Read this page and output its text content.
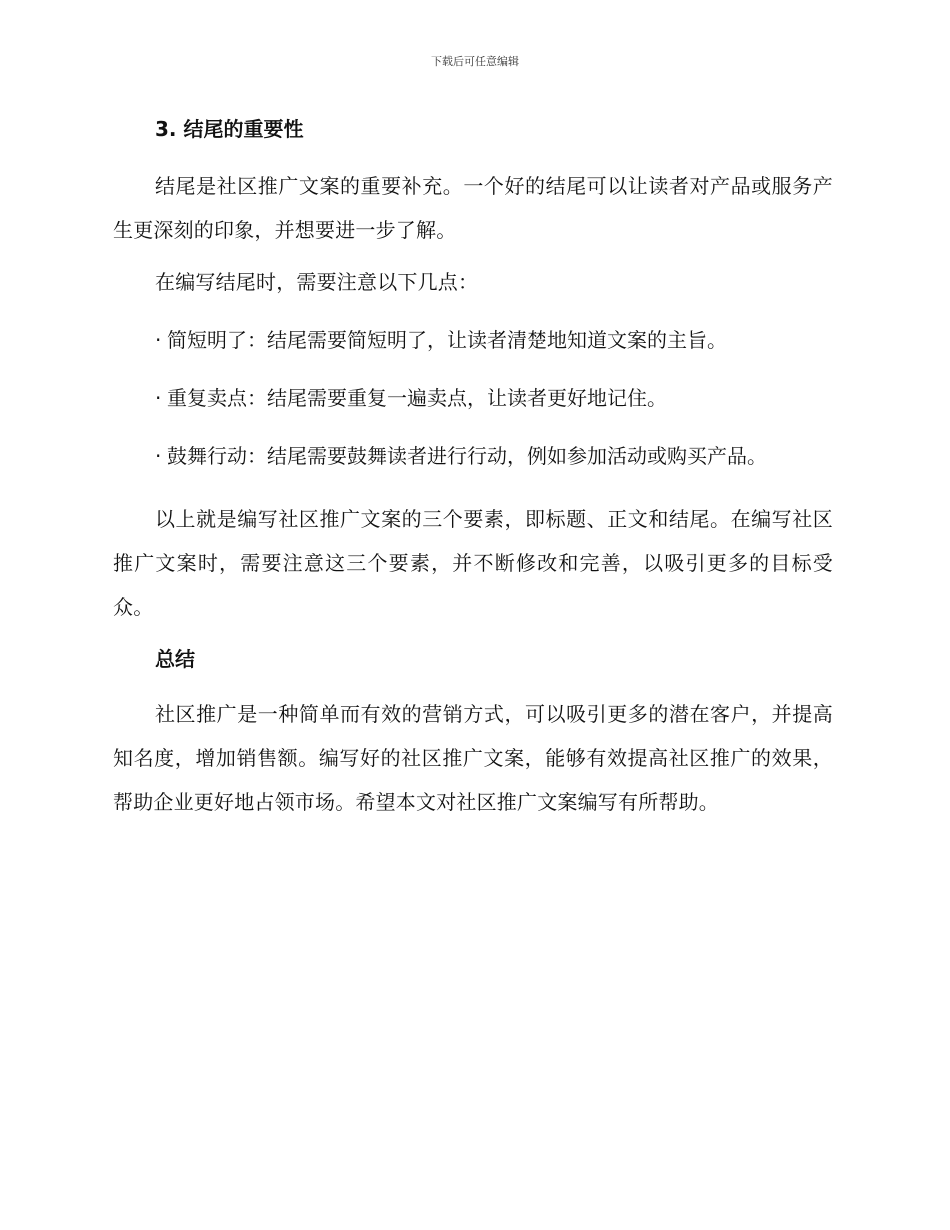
下载后可任意编辑
3. 结尾的重要性
结尾是社区推广文案的重要补充。一个好的结尾可以让读者对产品或服务产生更深刻的印象，并想要进一步了解。
在编写结尾时，需要注意以下几点：
· 简短明了：结尾需要简短明了，让读者清楚地知道文案的主旨。
· 重复卖点：结尾需要重复一遍卖点，让读者更好地记住。
· 鼓舞行动：结尾需要鼓舞读者进行行动，例如参加活动或购买产品。
以上就是编写社区推广文案的三个要素，即标题、正文和结尾。在编写社区推广文案时，需要注意这三个要素，并不断修改和完善，以吸引更多的目标受众。
总结
社区推广是一种简单而有效的营销方式，可以吸引更多的潜在客户，并提高知名度，增加销售额。编写好的社区推广文案，能够有效提高社区推广的效果，帮助企业更好地占领市场。希望本文对社区推广文案编写有所帮助。
